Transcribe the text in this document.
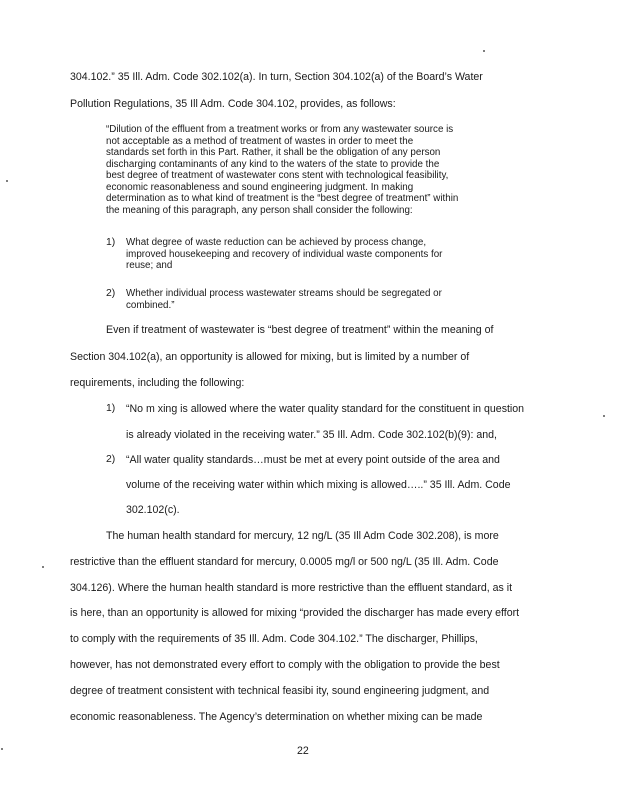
304.102.” 35 Ill. Adm. Code 302.102(a). In turn, Section 304.102(a) of the Board’s Water
Pollution Regulations, 35 Ill Adm. Code 304.102, provides, as follows:
“Dilution of the effluent from a treatment works or from any wastewater source is
not acceptable as a method of treatment of wastes in order to meet the
standards set forth in this Part. Rather, it shall be the obligation of any person
discharging contaminants of any kind to the waters of the state to provide the
best degree of treatment of wastewater cons stent with technological feasibility,
economic reasonableness and sound engineering judgment. In making
determination as to what kind of treatment is the “best degree of treatment” within
the meaning of this paragraph, any person shall consider the following:
1) What degree of waste reduction can be achieved by process change,
improved housekeeping and recovery of individual waste components for
reuse; and
2) Whether individual process wastewater streams should be segregated or
combined.”
Even if treatment of wastewater is “best degree of treatment” within the meaning of
Section 304.102(a), an opportunity is allowed for mixing, but is limited by a number of
requirements, including the following:
1) “No m xing is allowed where the water quality standard for the constituent in question
is already violated in the receiving water.” 35 Ill. Adm. Code 302.102(b)(9): and,
2) “All water quality standards…must be met at every point outside of the area and
volume of the receiving water within which mixing is allowed…..” 35 Ill. Adm. Code
302.102(c).
The human health standard for mercury, 12 ng/L (35 Ill Adm Code 302.208), is more
restrictive than the effluent standard for mercury, 0.0005 mg/l or 500 ng/L (35 Ill. Adm. Code
304.126). Where the human health standard is more restrictive than the effluent standard, as it
is here, than an opportunity is allowed for mixing “provided the discharger has made every effort
to comply with the requirements of 35 Ill. Adm. Code 304.102.” The discharger, Phillips,
however, has not demonstrated every effort to comply with the obligation to provide the best
degree of treatment consistent with technical feasibi ity, sound engineering judgment, and
economic reasonableness. The Agency’s determination on whether mixing can be made
22
